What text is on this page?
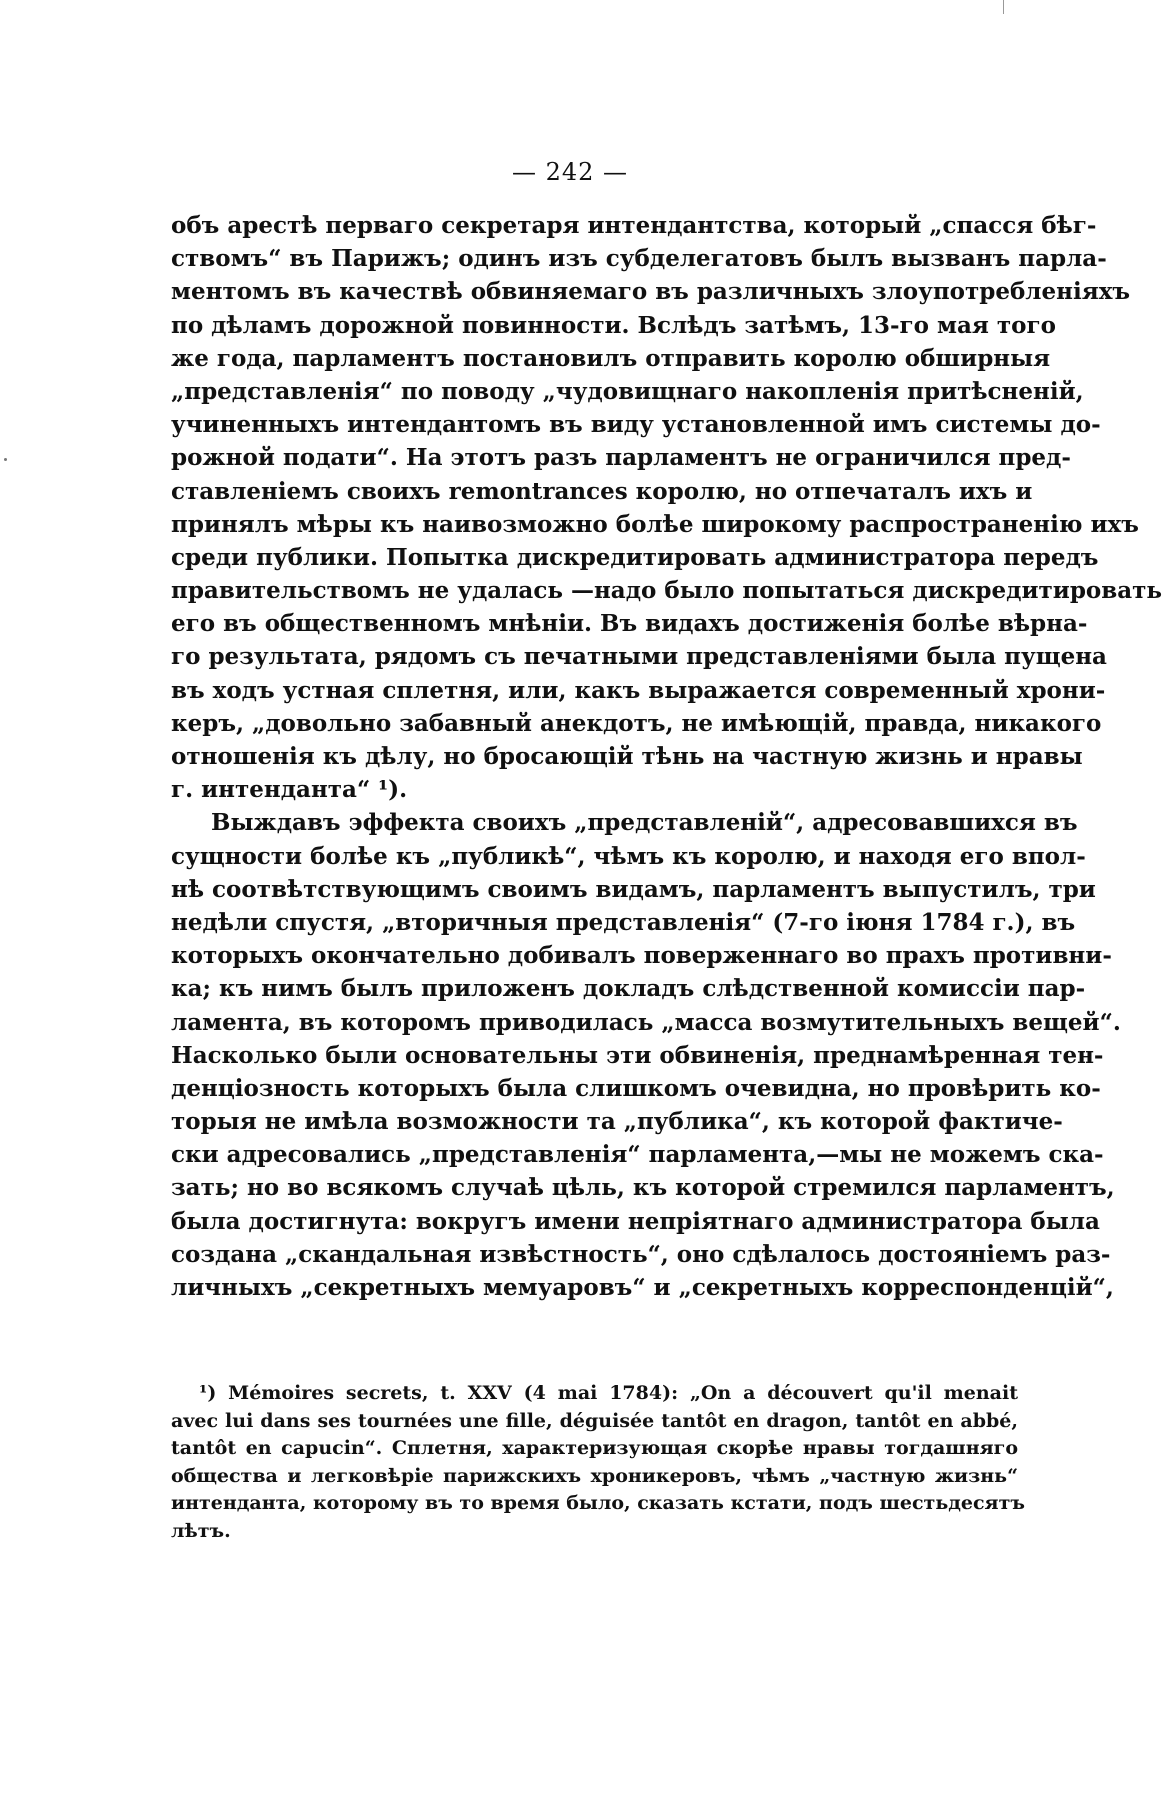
— 242 —
объ арестѣ перваго секретаря интендантства, который „спасся бѣг-
ствомъ“ въ Парижъ; одинъ изъ субделегатовъ былъ вызванъ парла-
ментомъ въ качествѣ обвиняемаго въ различныхъ злоупотребленіяхъ
по дѣламъ дорожной повинности. Вслѣдъ затѣмъ, 13-го мая того
же года, парламентъ постановилъ отправить королю обширныя
„представленія“ по поводу „чудовищнаго накопленія притѣсненій,
учиненныхъ интендантомъ въ виду установленной имъ системы до-
рожной подати“. На этотъ разъ парламентъ не ограничился пред-
ставленіемъ своихъ remontrances королю, но отпечаталъ ихъ и
принялъ мѣры къ наивозможно болѣе широкому распространенію ихъ
среди публики. Попытка дискредитировать администратора передъ
правительствомъ не удалась —надо было попытаться дискредитировать
его въ общественномъ мнѣніи. Въ видахъ достиженія болѣе вѣрна-
го результата, рядомъ съ печатными представленіями была пущена
въ ходъ устная сплетня, или, какъ выражается современный хрони-
керъ, „довольно забавный анекдотъ, не имѣющій, правда, никакого
отношенія къ дѣлу, но бросающій тѣнь на частную жизнь и нравы
г. интенданта“ ¹).
Выждавъ эффекта своихъ „представленій“, адресовавшихся въ
сущности болѣе къ „публикѣ“, чѣмъ къ королю, и находя его впол-
нѣ соотвѣтствующимъ своимъ видамъ, парламентъ выпустилъ, три
недѣли спустя, „вторичныя представленія“ (7-го іюня 1784 г.), въ
которыхъ окончательно добивалъ поверженнаго во прахъ противни-
ка; къ нимъ былъ приложенъ докладъ слѣдственной комиссіи пар-
ламента, въ которомъ приводилась „масса возмутительныхъ вещей“.
Насколько были основательны эти обвиненія, преднамѣренная тен-
денціозность которыхъ была слишкомъ очевидна, но провѣрить ко-
торыя не имѣла возможности та „публика“, къ которой фактиче-
ски адресовались „представленія“ парламента,—мы не можемъ ска-
зать; но во всякомъ случаѣ цѣль, къ которой стремился парламентъ,
была достигнута: вокругъ имени непріятнаго администратора была
создана „скандальная извѣстность“, оно сдѣлалось достояніемъ раз-
личныхъ „секретныхъ мемуаровъ“ и „секретныхъ корреспонденцій“,
¹) Mémoires secrets, t. XXV (4 mai 1784): „On a découvert qu'il menait
avec lui dans ses tournées une fille, déguisée tantôt en dragon, tantôt en abbé,
tantôt en capucin“. Сплетня, характеризующая скорѣе нравы тогдашняго
общества и легковѣріе парижскихъ хроникеровъ, чѣмъ „частную жизнь“
интенданта, которому въ то время было, сказать кстати, подъ шестьдесятъ
лѣтъ.
